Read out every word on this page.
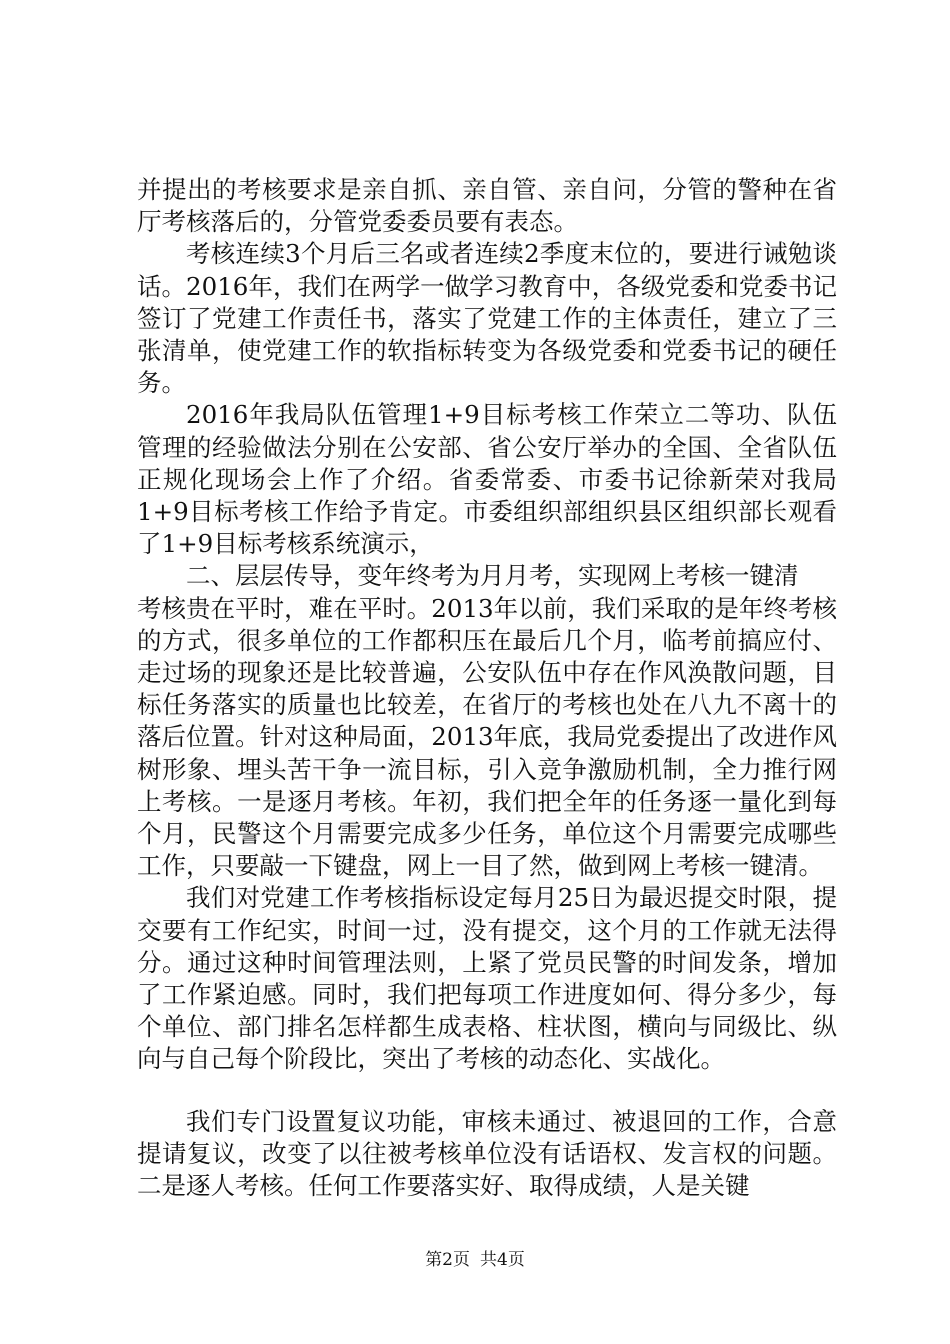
并提出的考核要求是亲自抓、亲自管、亲自问，分管的警种在省厅考核落后的，分管党委委员要有表态。

考核连续3个月后三名或者连续2季度末位的，要进行诫勉谈话。2016年，我们在两学一做学习教育中，各级党委和党委书记签订了党建工作责任书，落实了党建工作的主体责任，建立了三张清单，使党建工作的软指标转变为各级党委和党委书记的硬任务。

2016年我局队伍管理1+9目标考核工作荣立二等功、队伍管理的经验做法分别在公安部、省公安厅举办的全国、全省队伍正规化现场会上作了介绍。省委常委、市委书记徐新荣对我局1+9目标考核工作给予肯定。市委组织部组织县区组织部长观看了1+9目标考核系统演示，

二、层层传导，变年终考为月月考，实现网上考核一键清

考核贵在平时，难在平时。2013年以前，我们采取的是年终考核的方式，很多单位的工作都积压在最后几个月，临考前搞应付、走过场的现象还是比较普遍，公安队伍中存在作风涣散问题，目标任务落实的质量也比较差，在省厅的考核也处在八九不离十的落后位置。针对这种局面，2013年底，我局党委提出了改进作风树形象、埋头苦干争一流目标，引入竞争激励机制，全力推行网上考核。一是逐月考核。年初，我们把全年的任务逐一量化到每个月，民警这个月需要完成多少任务，单位这个月需要完成哪些工作，只要敲一下键盘，网上一目了然，做到网上考核一键清。

我们对党建工作考核指标设定每月25日为最迟提交时限，提交要有工作纪实，时间一过，没有提交，这个月的工作就无法得分。通过这种时间管理法则，上紧了党员民警的时间发条，增加了工作紧迫感。同时，我们把每项工作进度如何、得分多少，每个单位、部门排名怎样都生成表格、柱状图，横向与同级比、纵向与自己每个阶段比，突出了考核的动态化、实战化。

我们专门设置复议功能，审核未通过、被退回的工作，合意提请复议，改变了以往被考核单位没有话语权、发言权的问题。二是逐人考核。任何工作要落实好、取得成绩，人是关键

第2页 共4页
